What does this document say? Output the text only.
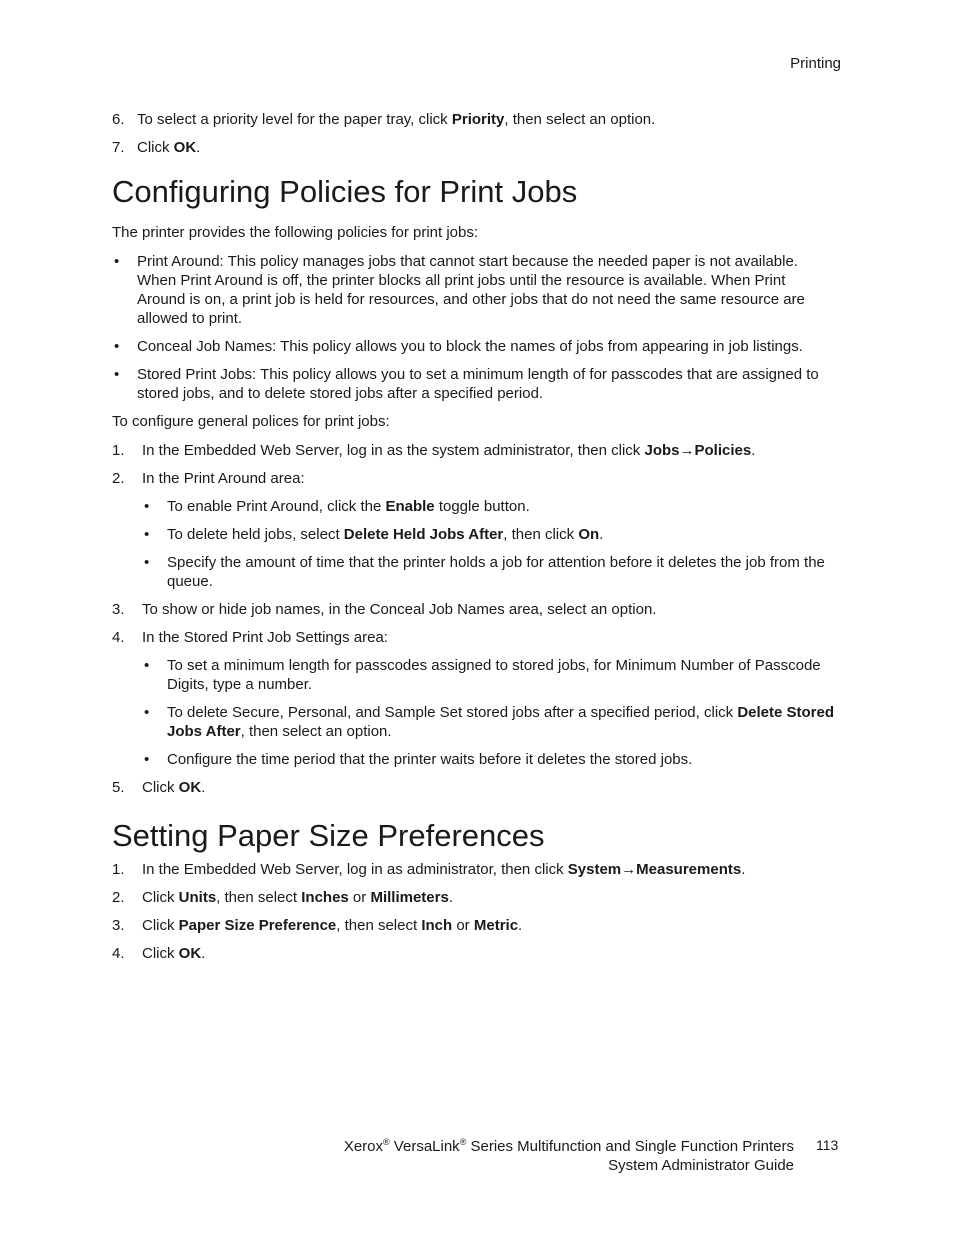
Printing
6. To select a priority level for the paper tray, click Priority, then select an option.
7. Click OK.
Configuring Policies for Print Jobs

The printer provides the following policies for print jobs:

• Print Around: This policy manages jobs that cannot start because the needed paper is not available. When Print Around is off, the printer blocks all print jobs until the resource is available. When Print Around is on, a print job is held for resources, and other jobs that do not need the same resource are allowed to print.
• Conceal Job Names: This policy allows you to block the names of jobs from appearing in job listings.
• Stored Print Jobs: This policy allows you to set a minimum length of for passcodes that are assigned to stored jobs, and to delete stored jobs after a specified period.

To configure general polices for print jobs:

1. In the Embedded Web Server, log in as the system administrator, then click Jobs→Policies.
2. In the Print Around area:
• To enable Print Around, click the Enable toggle button.
• To delete held jobs, select Delete Held Jobs After, then click On.
• Specify the amount of time that the printer holds a job for attention before it deletes the job from the queue.
3. To show or hide job names, in the Conceal Job Names area, select an option.
4. In the Stored Print Job Settings area:
• To set a minimum length for passcodes assigned to stored jobs, for Minimum Number of Passcode Digits, type a number.
• To delete Secure, Personal, and Sample Set stored jobs after a specified period, click Delete Stored Jobs After, then select an option.
• Configure the time period that the printer waits before it deletes the stored jobs.
5. Click OK.
Setting Paper Size Preferences
1. In the Embedded Web Server, log in as administrator, then click System→Measurements.
2. Click Units, then select Inches or Millimeters.
3. Click Paper Size Preference, then select Inch or Metric.
4. Click OK.
Xerox® VersaLink® Series Multifunction and Single Function Printers
System Administrator Guide
113
